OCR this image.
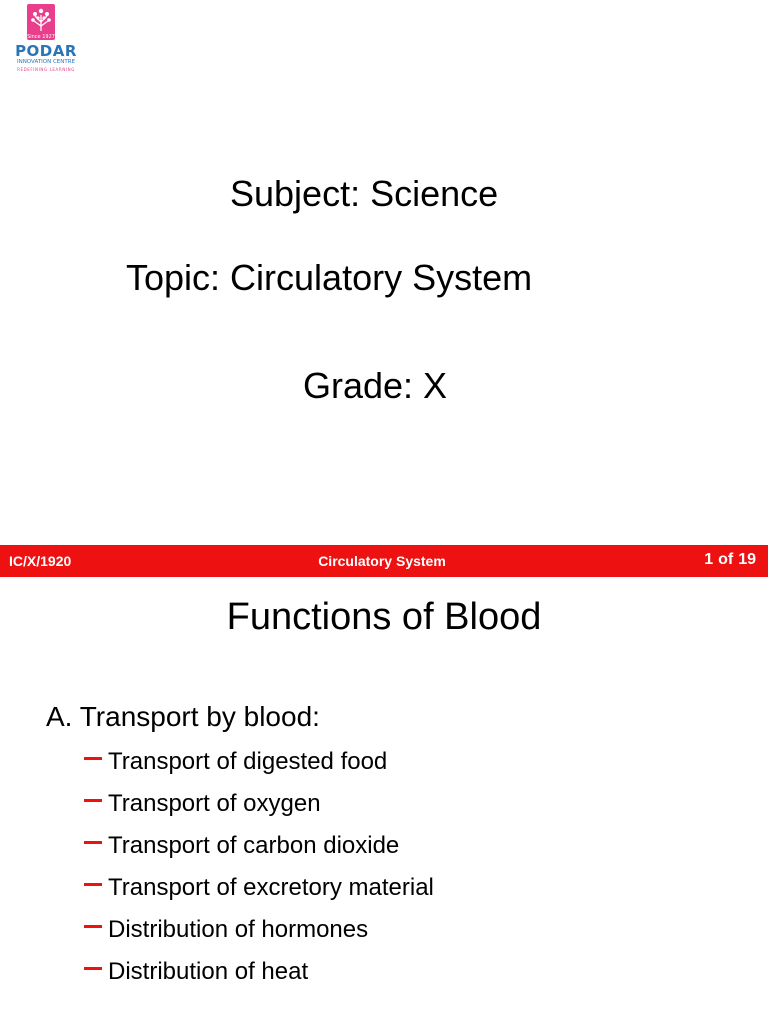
Since 1927
PODAR
INNOVATION CENTRE
REDEFINING LEARNING
Subject: Science
Topic: Circulatory System
Grade: X
IC/X/1920	Circulatory System	1 of 19
Functions of Blood
A. Transport by blood:
Transport of digested food
Transport of oxygen
Transport of carbon dioxide
Transport of excretory material
Distribution of hormones
Distribution of heat
